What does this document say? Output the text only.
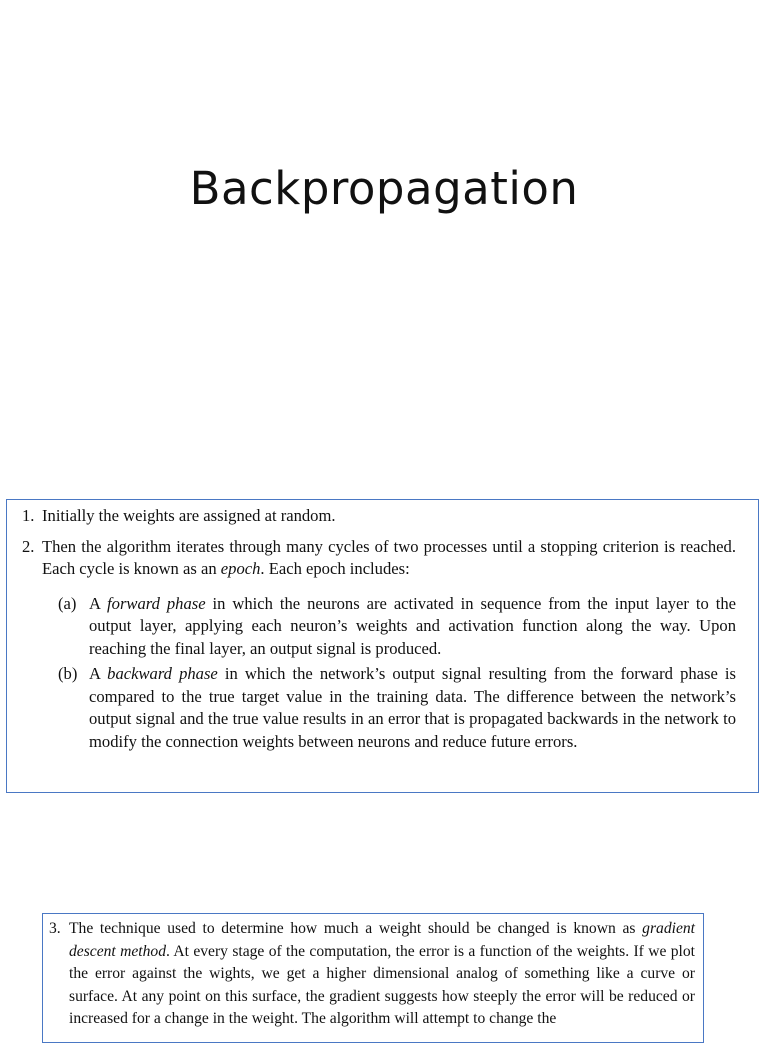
Backpropagation
1. Initially the weights are assigned at random.
2. Then the algorithm iterates through many cycles of two processes until a stopping criterion is reached. Each cycle is known as an epoch. Each epoch includes:
(a) A forward phase in which the neurons are activated in sequence from the input layer to the output layer, applying each neuron’s weights and activation function along the way. Upon reaching the final layer, an output signal is produced.
(b) A backward phase in which the network’s output signal resulting from the forward phase is compared to the true target value in the training data. The difference between the network’s output signal and the true value results in an error that is propagated backwards in the network to modify the connection weights between neurons and reduce future errors.
3. The technique used to determine how much a weight should be changed is known as gradient descent method. At every stage of the computation, the error is a function of the weights. If we plot the error against the wights, we get a higher dimensional analog of something like a curve or surface. At any point on this surface, the gradient suggests how steeply the error will be reduced or increased for a change in the weight. The algorithm will attempt to change the
